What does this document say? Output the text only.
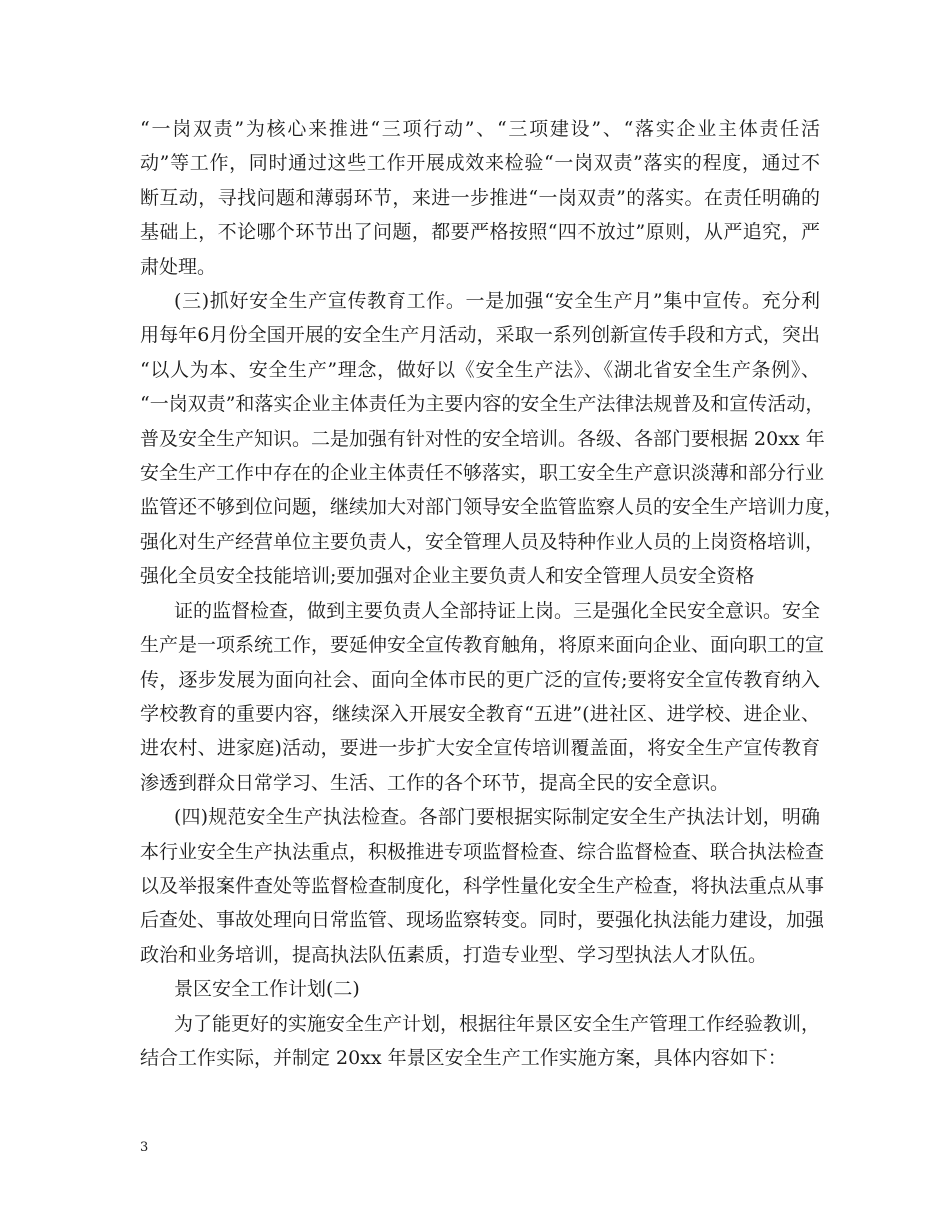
“一岗双责”为核心来推进“三项行动”、“三项建设”、“落实企业主体责任活
动”等工作，同时通过这些工作开展成效来检验“一岗双责”落实的程度，通过不
断互动，寻找问题和薄弱环节，来进一步推进“一岗双责”的落实。在责任明确的
基础上，不论哪个环节出了问题，都要严格按照“四不放过”原则，从严追究，严
肃处理。

(三)抓好安全生产宣传教育工作。一是加强“安全生产月”集中宣传。充分利
用每年6月份全国开展的安全生产月活动，采取一系列创新宣传手段和方式，突出
“以人为本、安全生产”理念，做好以《安全生产法》、《湖北省安全生产条例》、
“一岗双责”和落实企业主体责任为主要内容的安全生产法律法规普及和宣传活动，
普及安全生产知识。二是加强有针对性的安全培训。各级、各部门要根据 20xx 年
安全生产工作中存在的企业主体责任不够落实，职工安全生产意识淡薄和部分行业
监管还不够到位问题，继续加大对部门领导安全监管监察人员的安全生产培训力度，
强化对生产经营单位主要负责人，安全管理人员及特种作业人员的上岗资格培训，
强化全员安全技能培训;要加强对企业主要负责人和安全管理人员安全资格

证的监督检查，做到主要负责人全部持证上岗。三是强化全民安全意识。安全
生产是一项系统工作，要延伸安全宣传教育触角，将原来面向企业、面向职工的宣
传，逐步发展为面向社会、面向全体市民的更广泛的宣传;要将安全宣传教育纳入
学校教育的重要内容，继续深入开展安全教育“五进”(进社区、进学校、进企业、
进农村、进家庭)活动，要进一步扩大安全宣传培训覆盖面，将安全生产宣传教育
渗透到群众日常学习、生活、工作的各个环节，提高全民的安全意识。

(四)规范安全生产执法检查。各部门要根据实际制定安全生产执法计划，明确
本行业安全生产执法重点，积极推进专项监督检查、综合监督检查、联合执法检查
以及举报案件查处等监督检查制度化，科学性量化安全生产检查，将执法重点从事
后查处、事故处理向日常监管、现场监察转变。同时，要强化执法能力建设，加强
政治和业务培训，提高执法队伍素质，打造专业型、学习型执法人才队伍。

景区安全工作计划(二)

为了能更好的实施安全生产计划，根据往年景区安全生产管理工作经验教训，
结合工作实际，并制定 20xx 年景区安全生产工作实施方案，具体内容如下：

3
